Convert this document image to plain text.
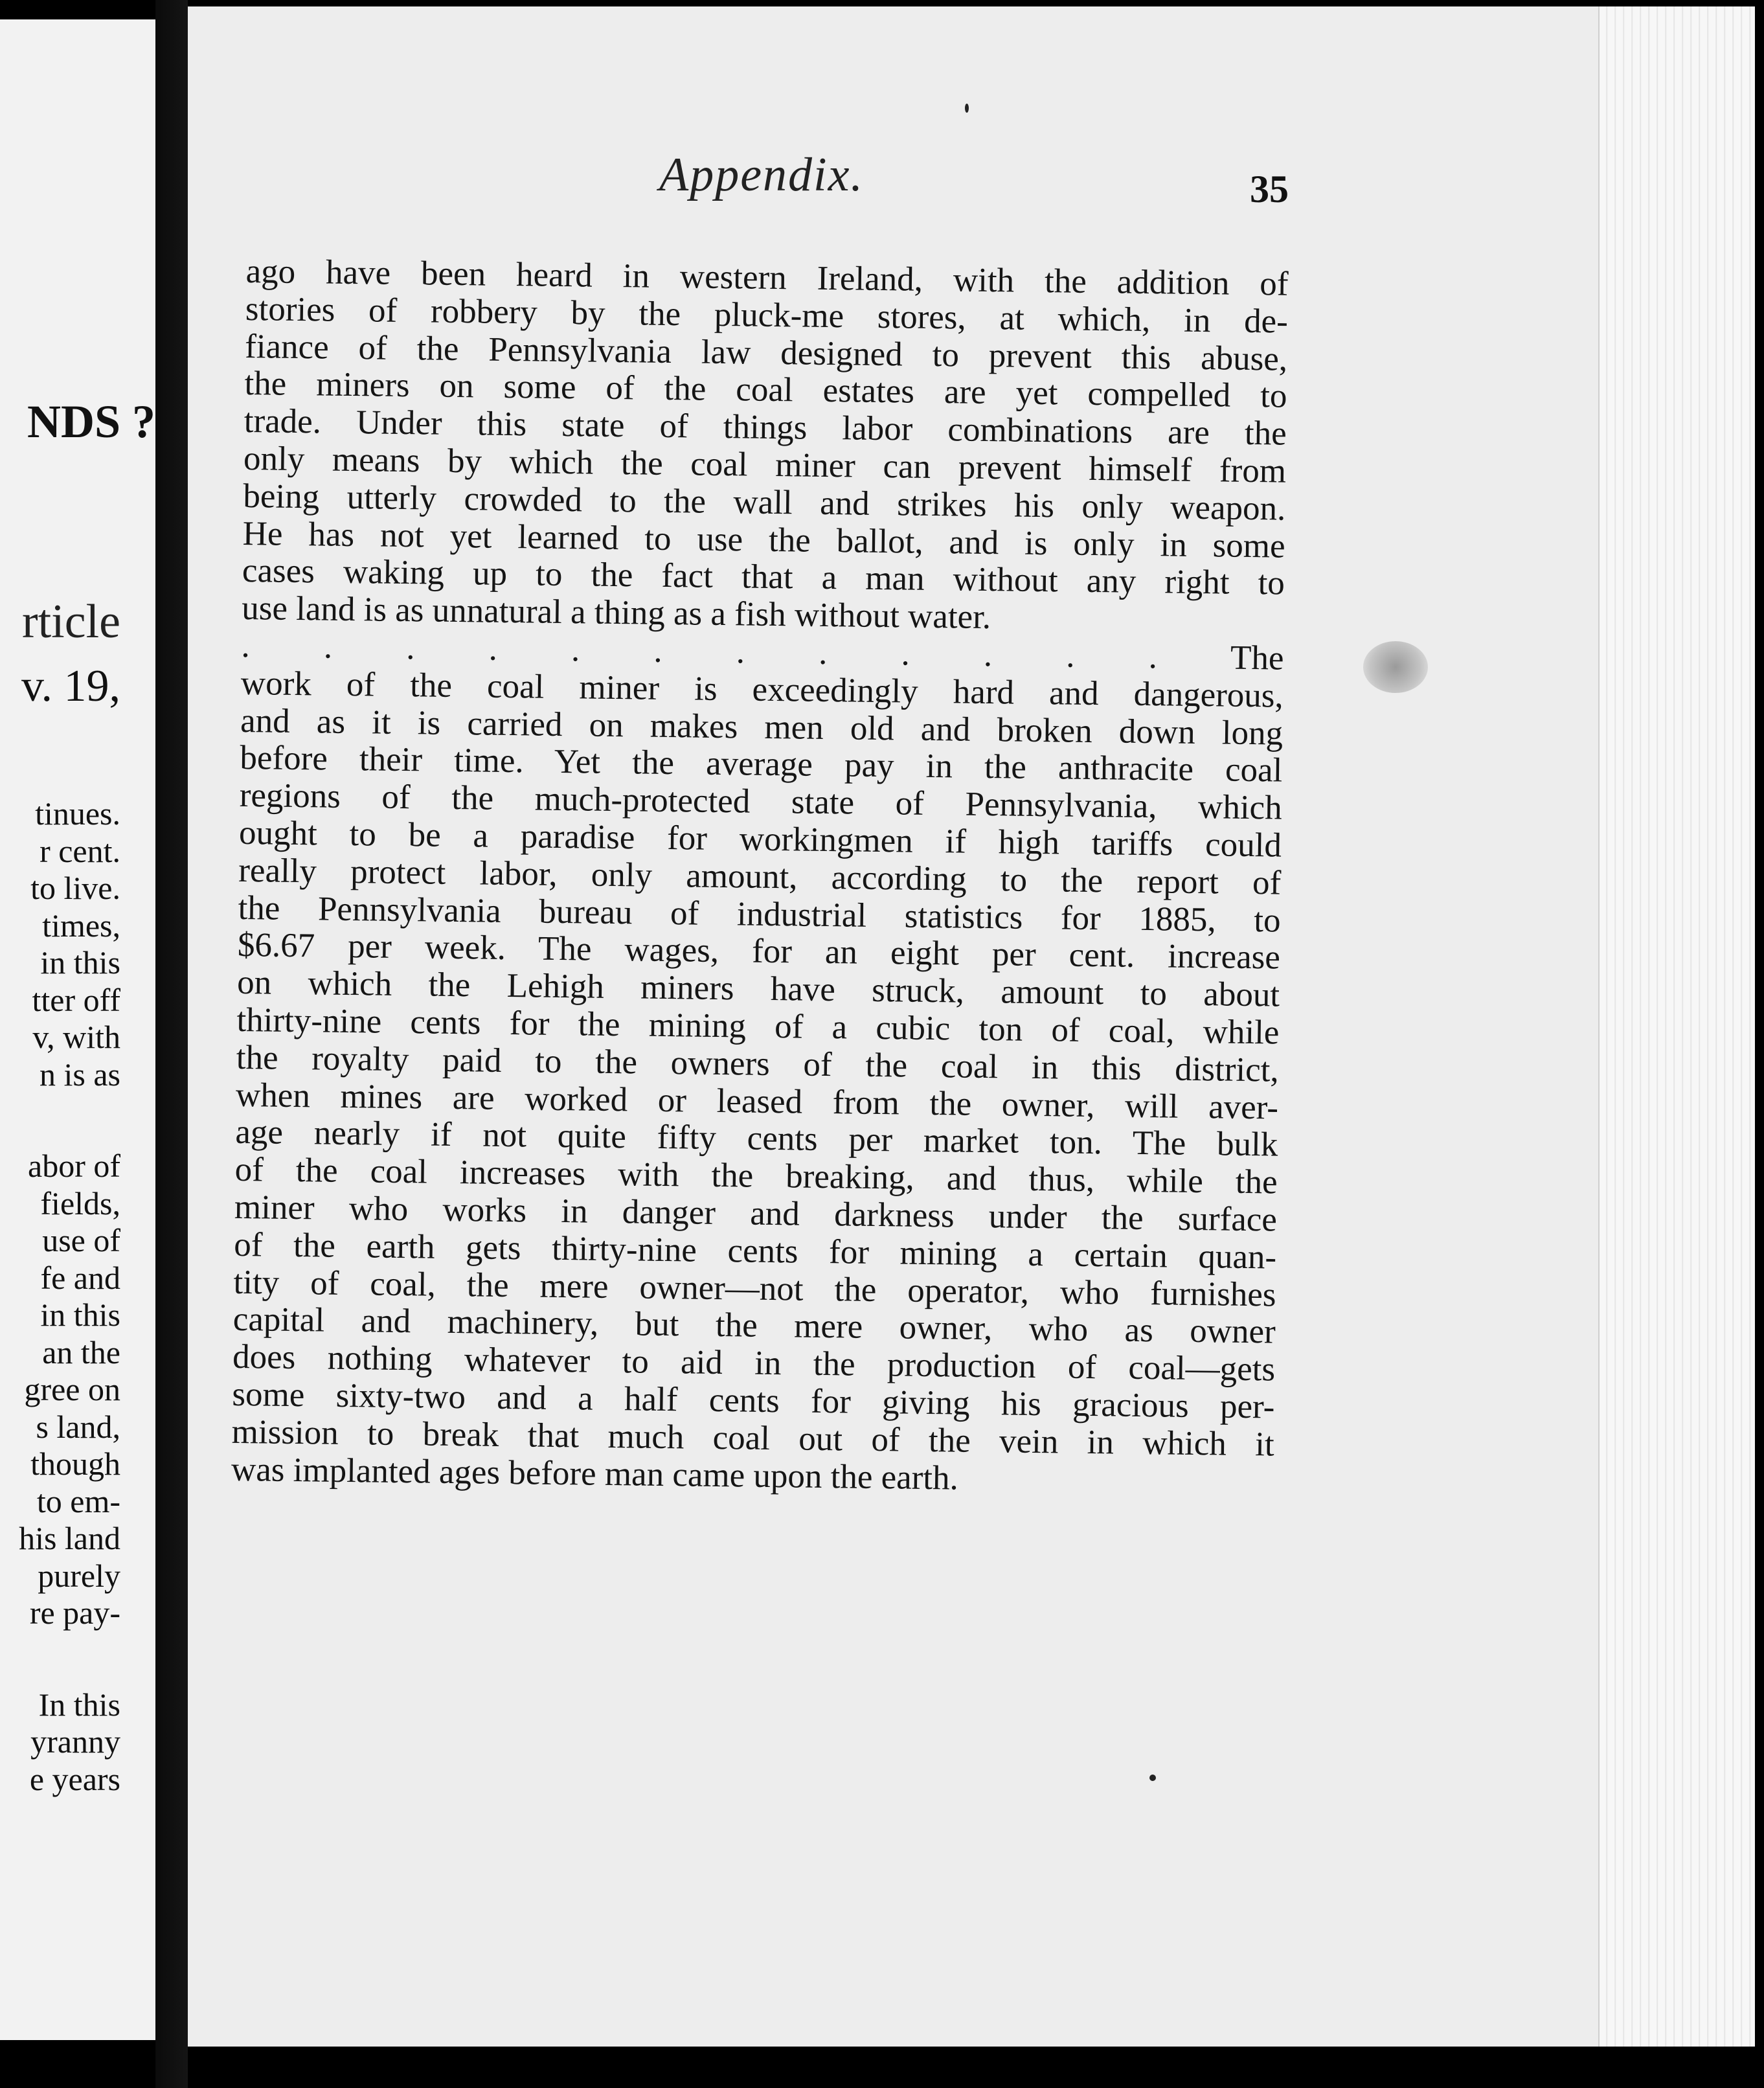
NDS ?
rticle
v. 19,
tinues.
r cent.
to live.
times,
in this
tter off
v, with
n is as
abor of
fields,
use of
fe and
in this
an the
gree on
s land,
though
to em-
his land
purely
re pay-
In this
yranny
e years
Appendix.	35
ago have been heard in western Ireland, with the addition of
stories of robbery by the pluck-me stores, at which, in de-
fiance of the Pennsylvania law designed to prevent this abuse,
the miners on some of the coal estates are yet compelled to
trade. Under this state of things labor combinations are the
only means by which the coal miner can prevent himself from
being utterly crowded to the wall and strikes his only weapon.
He has not yet learned to use the ballot, and is only in some
cases waking up to the fact that a man without any right to
use land is as unnatural a thing as a fish without water.
. . . . . . . . . . . . The
work of the coal miner is exceedingly hard and dangerous,
and as it is carried on makes men old and broken down long
before their time. Yet the average pay in the anthracite coal
regions of the much-protected state of Pennsylvania, which
ought to be a paradise for workingmen if high tariffs could
really protect labor, only amount, according to the report of
the Pennsylvania bureau of industrial statistics for 1885, to
$6.67 per week. The wages, for an eight per cent. increase
on which the Lehigh miners have struck, amount to about
thirty-nine cents for the mining of a cubic ton of coal, while
the royalty paid to the owners of the coal in this district,
when mines are worked or leased from the owner, will aver-
age nearly if not quite fifty cents per market ton. The bulk
of the coal increases with the breaking, and thus, while the
miner who works in danger and darkness under the surface
of the earth gets thirty-nine cents for mining a certain quan-
tity of coal, the mere owner—not the operator, who furnishes
capital and machinery, but the mere owner, who as owner
does nothing whatever to aid in the production of coal—gets
some sixty-two and a half cents for giving his gracious per-
mission to break that much coal out of the vein in which it
was implanted ages before man came upon the earth.
